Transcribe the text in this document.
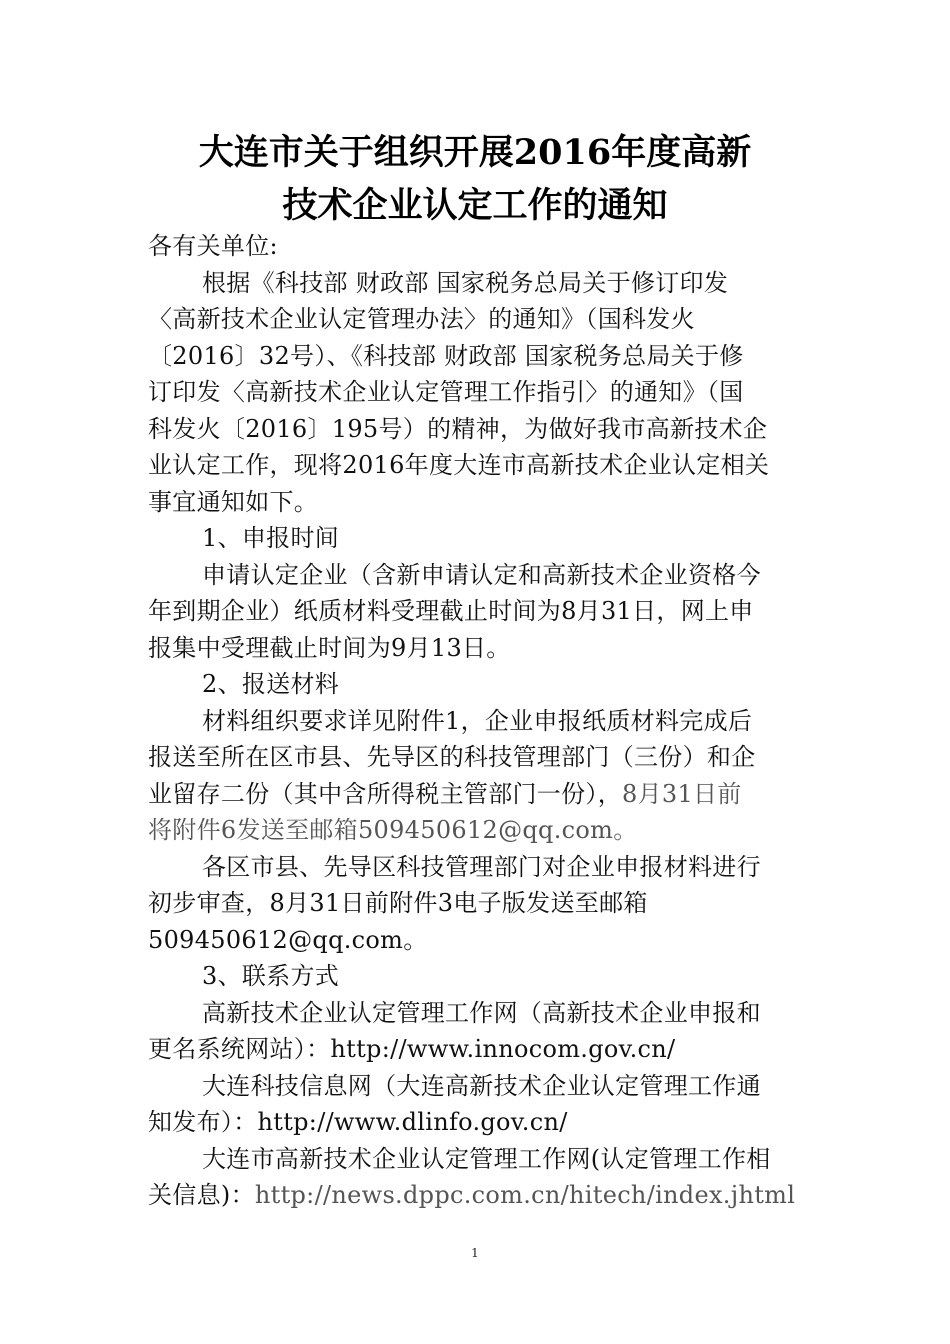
大连市关于组织开展2016年度高新
技术企业认定工作的通知
各有关单位:
根据《科技部 财政部 国家税务总局关于修订印发
〈高新技术企业认定管理办法〉的通知》（国科发火
〔2016〕32号）、《科技部 财政部 国家税务总局关于修
订印发〈高新技术企业认定管理工作指引〉的通知》（国
科发火〔2016〕195号）的精神，为做好我市高新技术企
业认定工作，现将2016年度大连市高新技术企业认定相关
事宜通知如下。
1、申报时间
申请认定企业（含新申请认定和高新技术企业资格今
年到期企业）纸质材料受理截止时间为8月31日，网上申
报集中受理截止时间为9月13日。
2、报送材料
材料组织要求详见附件1，企业申报纸质材料完成后
报送至所在区市县、先导区的科技管理部门（三份）和企
业留存二份（其中含所得税主管部门一份），8月31日前
将附件6发送至邮箱509450612@qq.com。
各区市县、先导区科技管理部门对企业申报材料进行
初步审查，8月31日前附件3电子版发送至邮箱
509450612@qq.com。
3、联系方式
高新技术企业认定管理工作网（高新技术企业申报和
更名系统网站）：http://www.innocom.gov.cn/
大连科技信息网（大连高新技术企业认定管理工作通
知发布）：http://www.dlinfo.gov.cn/
大连市高新技术企业认定管理工作网(认定管理工作相
关信息)：http://news.dppc.com.cn/hitech/index.jhtml
1
